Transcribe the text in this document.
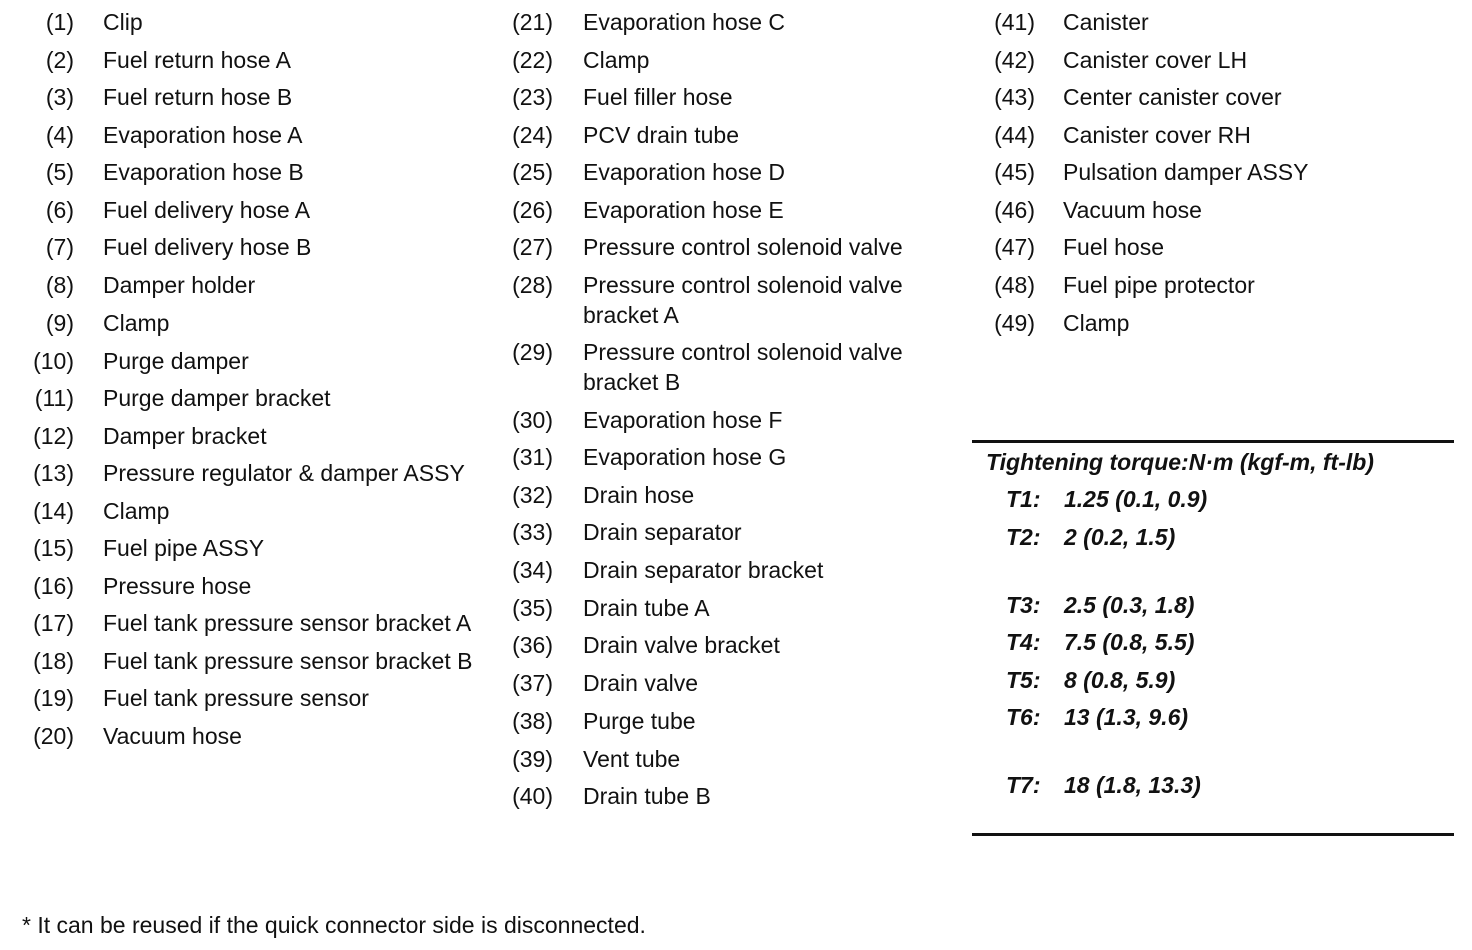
(1)	Clip
(2)	Fuel return hose A
(3)	Fuel return hose B
(4)	Evaporation hose A
(5)	Evaporation hose B
(6)	Fuel delivery hose A
(7)	Fuel delivery hose B
(8)	Damper holder
(9)	Clamp
(10)	Purge damper
(11)	Purge damper bracket
(12)	Damper bracket
(13)	Pressure regulator & damper ASSY
(14)	Clamp
(15)	Fuel pipe ASSY
(16)	Pressure hose
(17)	Fuel tank pressure sensor bracket A
(18)	Fuel tank pressure sensor bracket B
(19)	Fuel tank pressure sensor
(20)	Vacuum hose
(21)	Evaporation hose C
(22)	Clamp
(23)	Fuel filler hose
(24)	PCV drain tube
(25)	Evaporation hose D
(26)	Evaporation hose E
(27)	Pressure control solenoid valve
(28)	Pressure control solenoid valve bracket A
(29)	Pressure control solenoid valve bracket B
(30)	Evaporation hose F
(31)	Evaporation hose G
(32)	Drain hose
(33)	Drain separator
(34)	Drain separator bracket
(35)	Drain tube A
(36)	Drain valve bracket
(37)	Drain valve
(38)	Purge tube
(39)	Vent tube
(40)	Drain tube B
(41)	Canister
(42)	Canister cover LH
(43)	Center canister cover
(44)	Canister cover RH
(45)	Pulsation damper ASSY
(46)	Vacuum hose
(47)	Fuel hose
(48)	Fuel pipe protector
(49)	Clamp
Tightening torque:N·m (kgf-m, ft-lb)
T1:	1.25 (0.1, 0.9)
T2:	2 (0.2, 1.5)
T3:	2.5 (0.3, 1.8)
T4:	7.5 (0.8, 5.5)
T5:	8 (0.8, 5.9)
T6:	13 (1.3, 9.6)
T7:	18 (1.8, 13.3)
* It can be reused if the quick connector side is disconnected.
